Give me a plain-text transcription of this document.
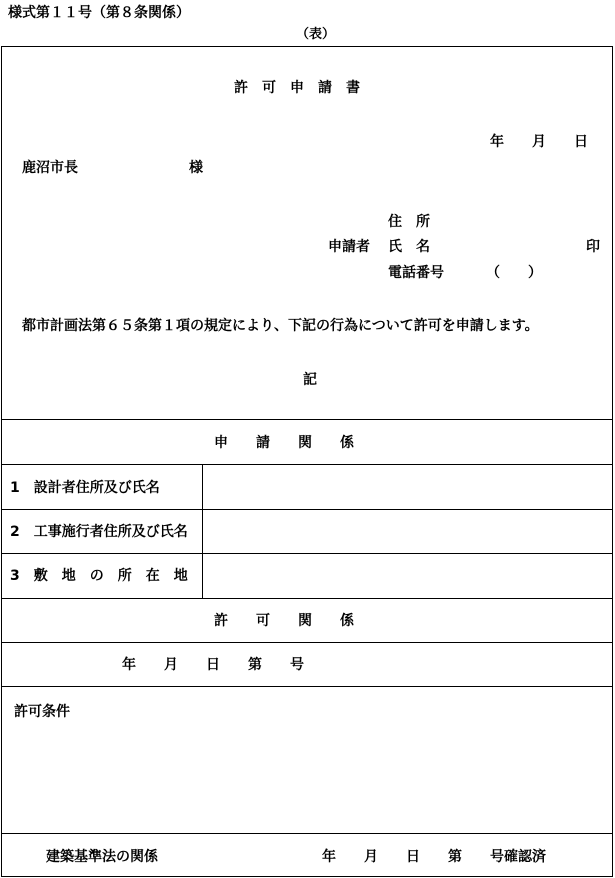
様式第１１号（第８条関係）
（表）
許　可　申　請　書
年　　月　　日
鹿沼市長	様
住　所
申請者 氏　名	印
電話番号	（　　）
都市計画法第６５条第１項の規定により、下記の行為について許可を申請します。
記
申　　請　　関　　係
1　設計者住所及び氏名
2　工事施行者住所及び氏名
3　敷　地　の　所　在　地
許　　可　　関　　係
年　　月　　日　　第　　号
許可条件
建築基準法の関係	年　　月　　日　　第　　号確認済
